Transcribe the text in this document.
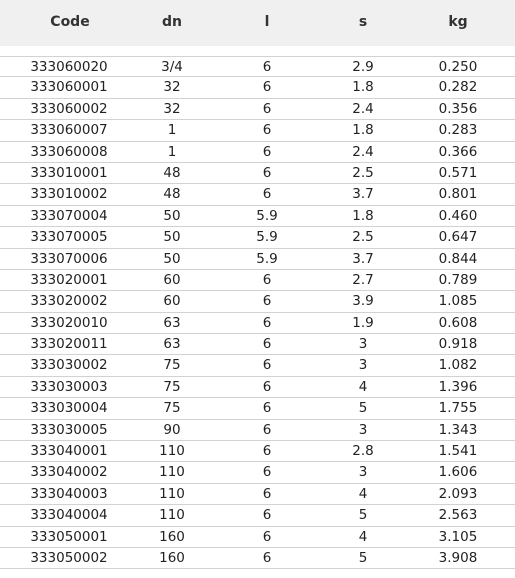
Code	dn	l	s	kg
333060020	3/4	6	2.9	0.250
333060001	32	6	1.8	0.282
333060002	32	6	2.4	0.356
333060007	1	6	1.8	0.283
333060008	1	6	2.4	0.366
333010001	48	6	2.5	0.571
333010002	48	6	3.7	0.801
333070004	50	5.9	1.8	0.460
333070005	50	5.9	2.5	0.647
333070006	50	5.9	3.7	0.844
333020001	60	6	2.7	0.789
333020002	60	6	3.9	1.085
333020010	63	6	1.9	0.608
333020011	63	6	3	0.918
333030002	75	6	3	1.082
333030003	75	6	4	1.396
333030004	75	6	5	1.755
333030005	90	6	3	1.343
333040001	110	6	2.8	1.541
333040002	110	6	3	1.606
333040003	110	6	4	2.093
333040004	110	6	5	2.563
333050001	160	6	4	3.105
333050002	160	6	5	3.908
